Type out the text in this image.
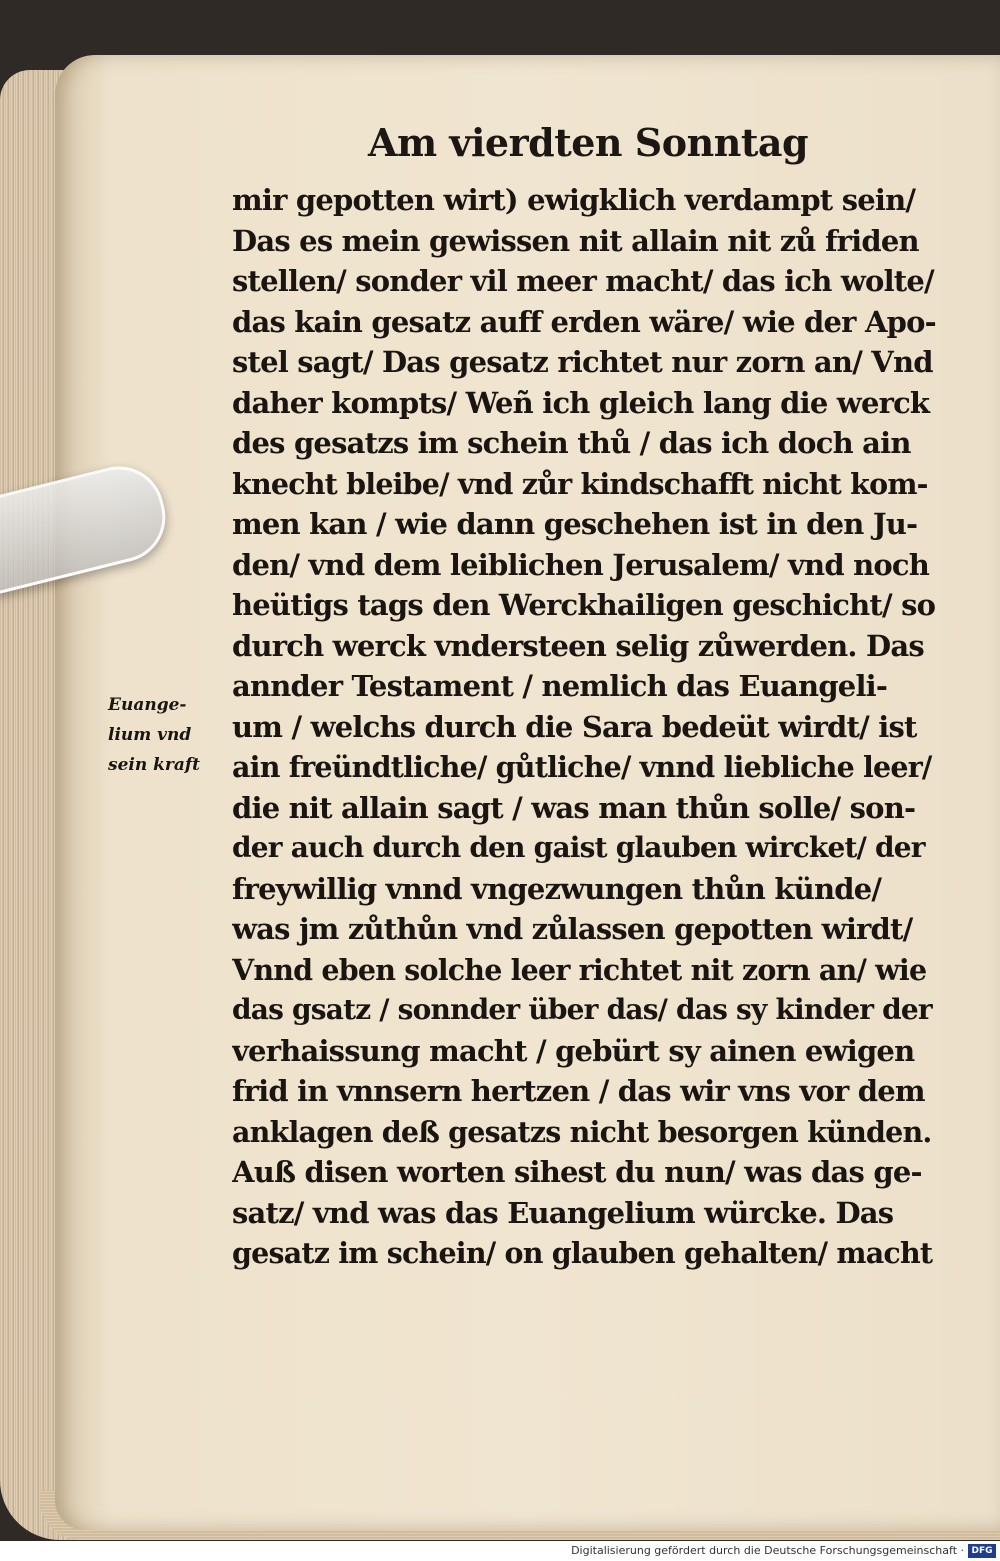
Am vierdten Sonntag
mir gepotten wirt) ewigklich verdampt sein/
Das es mein gewissen nit allain nit zů friden
stellen/ sonder vil meer macht/ das ich wolte/
das kain gesatz auff erden wäre/ wie der Apo-
stel sagt/ Das gesatz richtet nur zorn an/ Vnd
daher kompts/ Weñ ich gleich lang die werck
des gesatzs im schein thů / das ich doch ain
knecht bleibe/ vnd zůr kindschafft nicht kom-
men kan / wie dann geschehen ist in den Ju-
den/ vnd dem leiblichen Jerusalem/ vnd noch
heütigs tags den Werckhailigen geschicht/ so
durch werck vndersteen selig zůwerden. Das
annder Testament / nemlich das Euangeli-
um / welchs durch die Sara bedeüt wirdt/ ist
ain freündtliche/ gůtliche/ vnnd liebliche leer/
die nit allain sagt / was man thůn solle/ son-
der auch durch den gaist glauben wircket/ der
freywillig vnnd vngezwungen thůn künde/
was jm zůthůn vnd zůlassen gepotten wirdt/
Vnnd eben solche leer richtet nit zorn an/ wie
das gsatz / sonnder über das/ das sy kinder der
verhaissung macht / gebürt sy ainen ewigen
frid in vnnsern hertzen / das wir vns vor dem
anklagen deß gesatzs nicht besorgen künden.
Auß disen worten sihest du nun/ was das ge-
satz/ vnd was das Euangelium würcke. Das
gesatz im schein/ on glauben gehalten/ macht
Euange-
lium vnd
sein kraft
Digitalisierung gefördert durch die Deutsche Forschungsgemeinschaft · DFG
